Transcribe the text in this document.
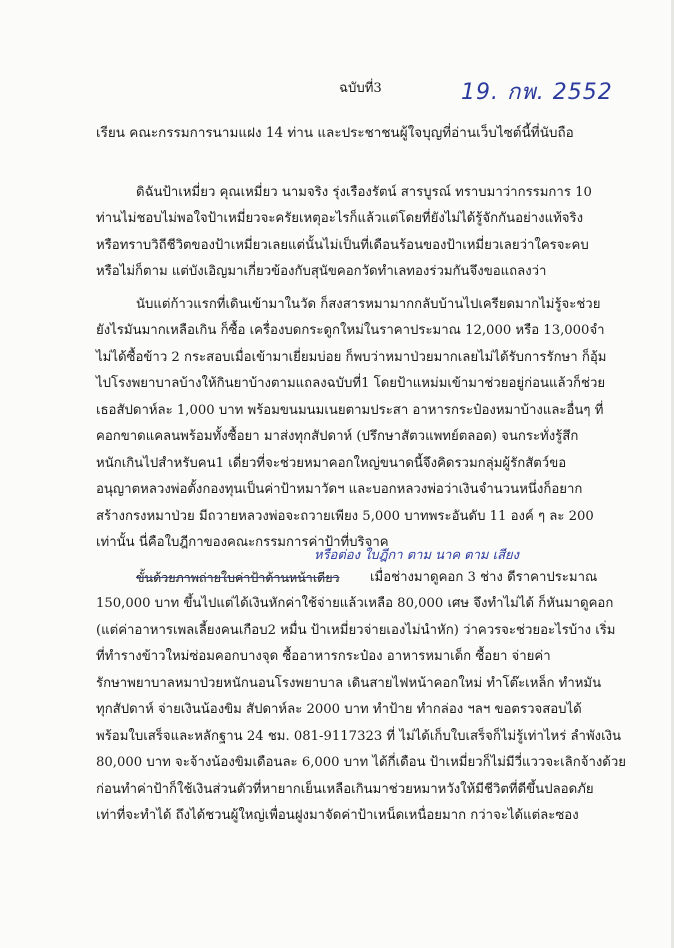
ฉบับที่3	19. กพ. 2552
เรียน คณะกรรมการนามแฝง 14 ท่าน และประชาชนผู้ใจบุญที่อ่านเว็บไซต์นี้ที่นับถือ
ดิฉันป้าเหมี่ยว คุณเหมี่ยว นามจริง รุ่งเรืองรัตน์ สารบูรณ์ ทราบมาว่ากรรมการ 10
ท่านไม่ชอบไม่พอใจป้าเหมี่ยวจะครัยเหตุอะไรก็แล้วแต่โดยที่ยังไม่ได้รู้จักกันอย่างแท้จริง
หรือทราบวิถีชีวิตของป้าเหมี่ยวเลยแต่นั้นไม่เป็นที่เดือนร้อนของป้าเหมี่ยวเลยว่าใครจะคบ
หรือไม่ก็ตาม แต่บังเอิญมาเกี่ยวข้องกับสุนัขคอกวัดทำเลทองร่วมกันจึงขอแถลงว่า
นับแต่ก้าวแรกที่เดินเข้ามาในวัด ก็สงสารหมามากกลับบ้านไปเครียดมากไม่รู้จะช่วย
ยังไรมันมากเหลือเกิน ก็ซื้อ เครื่องบดกระดูกใหม่ในราคาประมาณ 12,000 หรือ 13,000จำ
ไม่ได้ซื้อข้าว 2 กระสอบเมื่อเข้ามาเยี่ยมบ่อย ก็พบว่าหมาป่วยมากเลยไม่ได้รับการรักษา ก็อุ้ม
ไปโรงพยาบาลบ้างให้กินยาบ้างตามแถลงฉบับที่1 โดยป้าแหม่มเข้ามาช่วยอยู่ก่อนแล้วก็ช่วย
เธอสัปดาห์ละ 1,000 บาท พร้อมขนมนมเนยตามประสา อาหารกระป๋องหมาบ้างและอื่นๆ ที่
คอกขาดแคลนพร้อมทั้งซื้อยา มาส่งทุกสัปดาห์ (ปรึกษาสัตวแพทย์ตลอด) จนกระทั่งรู้สึก
หนักเกินไปสำหรับคน1 เดี่ยวที่จะช่วยหมาคอกใหญ่ขนาดนี้จึงคิดรวมกลุ่มผู้รักสัตว์ขอ
อนุญาตหลวงพ่อตั้งกองทุนเป็นค่าป้าหมาวัดฯ และบอกหลวงพ่อว่าเงินจำนวนหนึ่งก็อยาก
สร้างกรงหมาป่วย มีถวายหลวงพ่อจะถวายเพียง 5,000 บาทพระอันดับ 11 องค์ ๆ ละ 200
เท่านั้น นี่คือใบฎีกาของคณะกรรมการค่าป้าที่บริจาค
หรือต่อง ใบฎีกา ตาม นาค ตาม เสียง
ขั้นด้วยภาพถ่ายใบค่าป้าด้านหน้าเดียว เมื่อช่างมาดูคอก 3 ช่าง ดีราคาประมาณ
150,000 บาท ขึ้นไปแต่ได้เงินหักค่าใช้จ่ายแล้วเหลือ 80,000 เศษ จึงทำไม่ได้ ก็หันมาดูคอก
(แต่ค่าอาหารเพลเลี้ยงคนเกือบ2 หมื่น ป้าเหมี่ยวจ่ายเองไม่นำหัก) ว่าควรจะช่วยอะไรบ้าง เริ่ม
ที่ทำรางข้าวใหม่ซ่อมคอกบางจุด ซื้ออาหารกระป๋อง อาหารหมาเด็ก ซื้อยา จ่ายค่า
รักษาพยาบาลหมาป่วยหนักนอนโรงพยาบาล เดินสายไฟหน้าคอกใหม่ ทำโต๊ะเหล็ก ทำหมัน
ทุกสัปดาห์ จ่ายเงินน้องขิม สัปดาห์ละ 2000 บาท ทำป้าย ทำกล่อง ฯลฯ ขอตรวจสอบได้
พร้อมใบเสร็จและหลักฐาน 24 ชม. 081-9117323 ที่ ไม่ได้เก็บใบเสร็จก็ไม่รู้เท่าไหร่ ลำพังเงิน
80,000 บาท จะจ้างน้องขิมเดือนละ 6,000 บาท ได้กี่เดือน ป้าเหมี่ยวก็ไม่มีวี่แววจะเลิกจ้างด้วย
ก่อนทำค่าป้าก็ใช้เงินส่วนตัวที่หายากเย็นเหลือเกินมาช่วยหมาหวังให้มีชีวิตที่ดีขึ้นปลอดภัย
เท่าที่จะทำได้ ถึงได้ชวนผู้ใหญ่เพื่อนฝูงมาจัดค่าป้าเหน็ดเหนื่อยมาก กว่าจะได้แต่ละซอง
